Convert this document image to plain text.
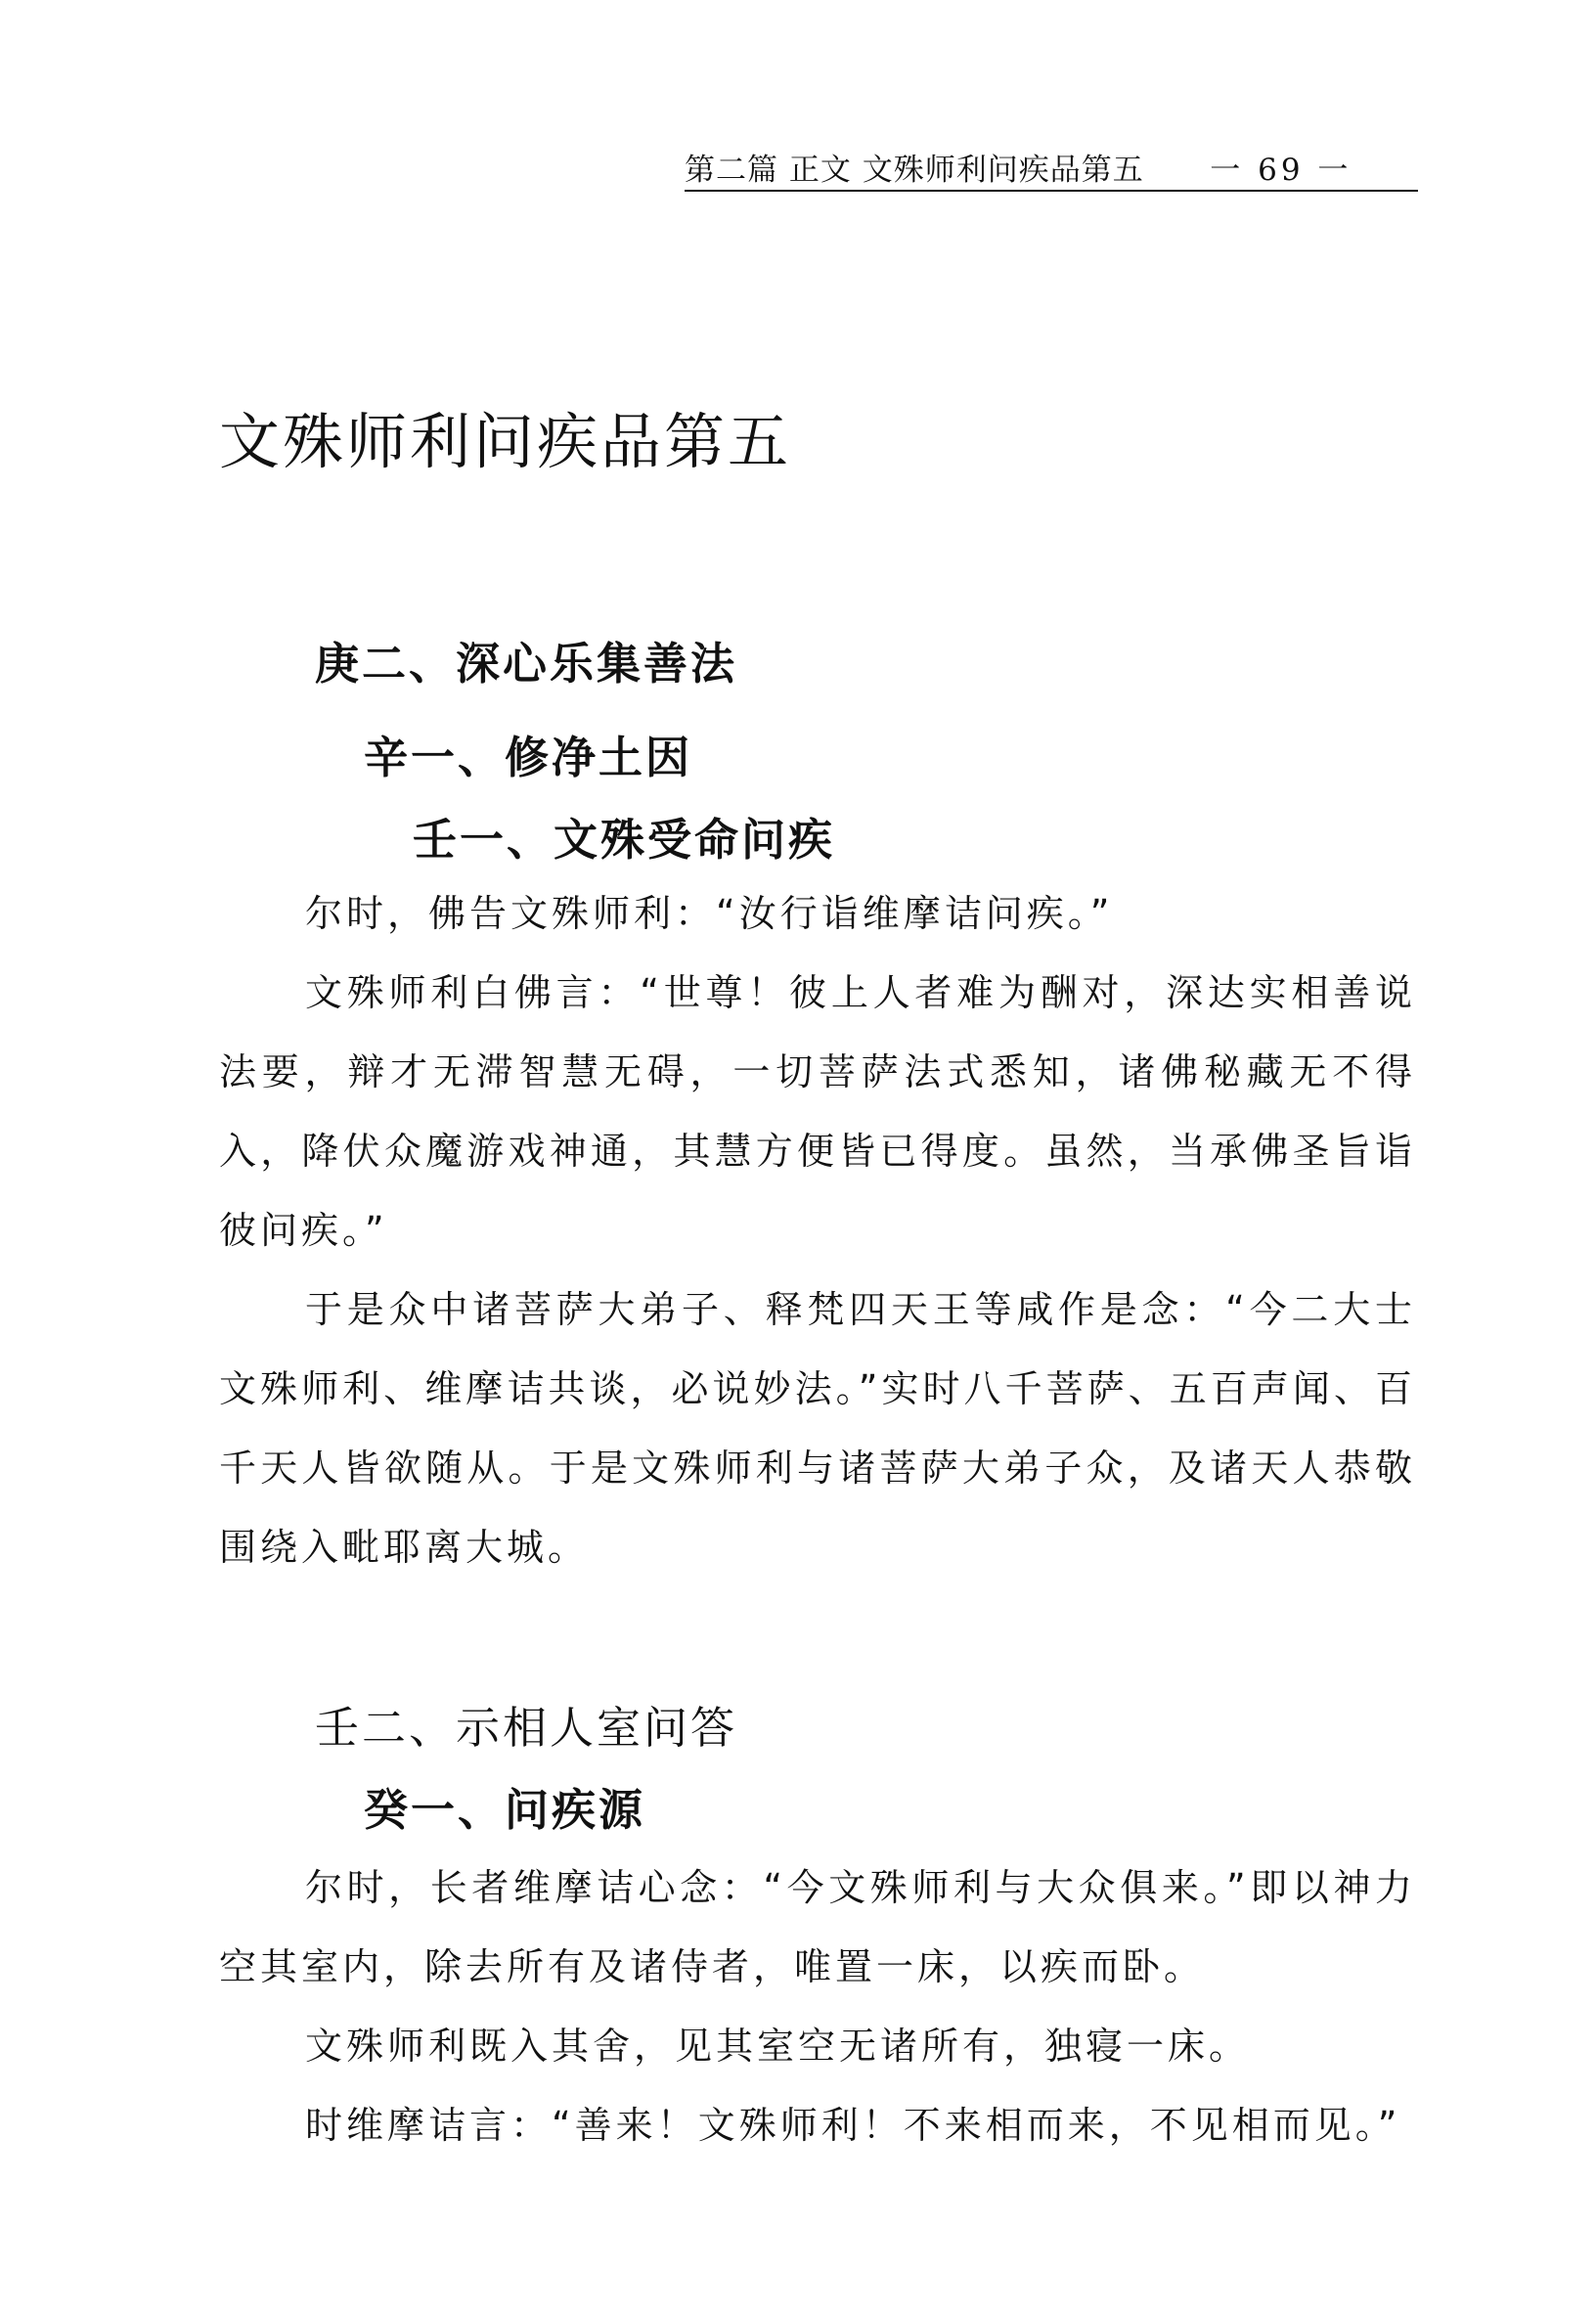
第二篇 正文 文殊师利问疾品第五	一 69 一
文殊师利问疾品第五
庚二、深心乐集善法
辛一、修净土因
壬一、文殊受命问疾

尔时，佛告文殊师利：“汝行诣维摩诘问疾。”

文殊师利白佛言：“世尊！彼上人者难为酬对，深达实相善说法要，辩才无滞智慧无碍，一切菩萨法式悉知，诸佛秘藏无不得入，降伏众魔游戏神通，其慧方便皆已得度。虽然，当承佛圣旨诣彼问疾。”

于是众中诸菩萨大弟子、释梵四天王等咸作是念：“今二大士文殊师利、维摩诘共谈，必说妙法。”实时八千菩萨、五百声闻、百千天人皆欲随从。于是文殊师利与诸菩萨大弟子众，及诸天人恭敬围绕入毗耶离大城。

壬二、示相人室问答
癸一、问疾源

尔时，长者维摩诘心念：“今文殊师利与大众俱来。”即以神力空其室内，除去所有及诸侍者，唯置一床，以疾而卧。

文殊师利既入其舍，见其室空无诸所有，独寝一床。

时维摩诘言：“善来！文殊师利！不来相而来，不见相而见。”
